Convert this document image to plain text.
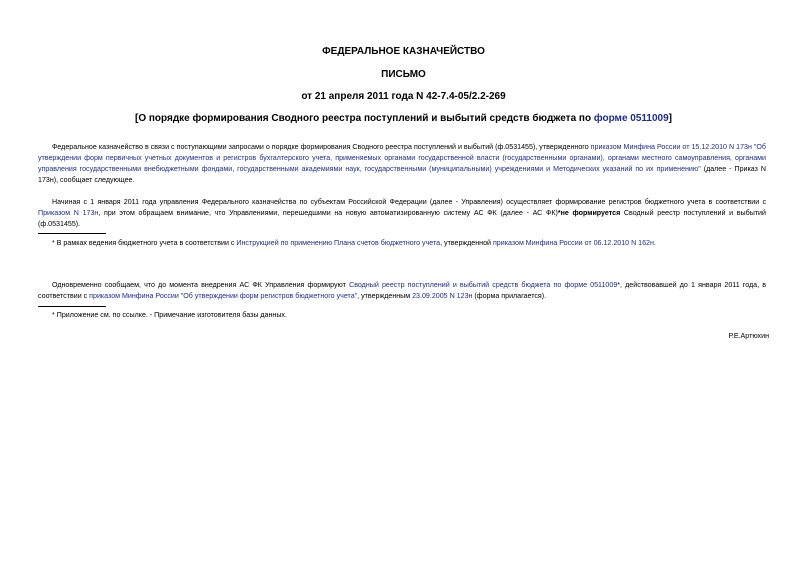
ФЕДЕРАЛЬНОЕ КАЗНАЧЕЙСТВО
ПИСЬМО
от 21 апреля 2011 года N 42-7.4-05/2.2-269
[О порядке формирования Сводного реестра поступлений и выбытий средств бюджета по форме 0511009]
Федеральное казначейство в связи с поступающими запросами о порядке формирования Сводного реестра поступлений и выбытий (ф.0531455), утвержденного приказом Минфина России от 15.12.2010 N 173н "Об утверждении форм первичных учетных документов и регистров бухгалтерского учета, применяемых органами государственной власти (государственными органами), органами местного самоуправления, органами управления государственными внебюджетными фондами, государственными академиями наук, государственными (муниципальными) учреждениями и Методических указаний по их применению" (далее - Приказ N 173н), сообщает следующее.
Начиная с 1 января 2011 года управления Федерального казначейства по субъектам Российской Федерации (далее - Управления) осуществляет формирование регистров бюджетного учета в соответствии с Приказом N 173н, при этом обращаем внимание, что Управлениями, перешедшими на новую автоматизированную систему АС ФК (далее - АС ФК)*не формируется Сводный реестр поступлений и выбытий (ф.0531455).
* В рамках ведения бюджетного учета в соответствии с Инструкцией по применению Плана счетов бюджетного учета, утвержденной приказом Минфина России от 06.12.2010 N 162н.
Одновременно сообщаем, что до момента внедрения АС ФК Управления формируют Сводный реестр поступлений и выбытий средств бюджета по форме 0511009*, действовавшей до 1 января 2011 года, в соответствии с приказом Минфина России "Об утверждении форм регистров бюджетного учета", утвержденным 23.09.2005 N 123н (форма прилагается).
* Приложение см. по ссылке. - Примечание изготовителя базы данных.
Р.Е.Артюхин
